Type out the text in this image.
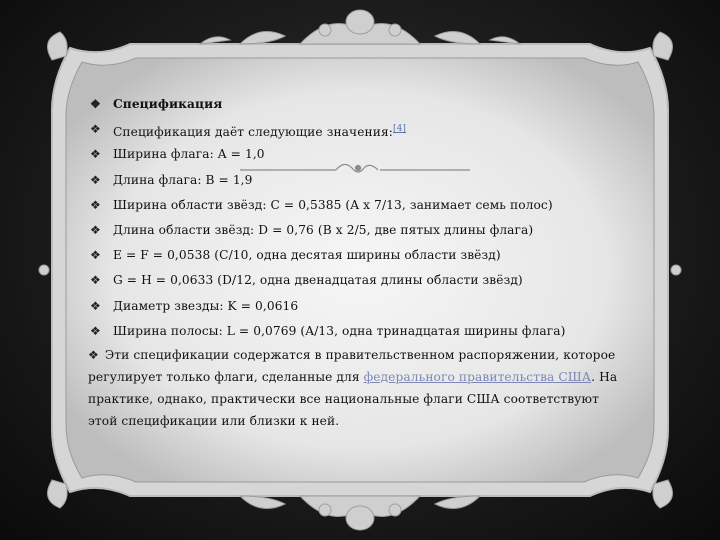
❖ Спецификация
❖ Спецификация даёт следующие значения:[4]
❖ Ширина флага: A = 1,0
❖ Длина флага: B = 1,9
❖ Ширина области звёзд: C = 0,5385 (A x 7/13, занимает семь полос)
❖ Длина области звёзд: D = 0,76 (B x 2/5, две пятых длины флага)
❖ E = F = 0,0538 (C/10, одна десятая ширины области звёзд)
❖ G = H = 0,0633 (D/12, одна двенадцатая длины области звёзд)
❖ Диаметр звезды: K = 0,0616
❖ Ширина полосы: L = 0,0769 (A/13, одна тринадцатая ширины флага)
❖ Эти спецификации содержатся в правительственном распоряжении, которое регулирует только флаги, сделанные для федерального правительства США. На практике, однако, практически все национальные флаги США соответствуют этой спецификации или близки к ней.
